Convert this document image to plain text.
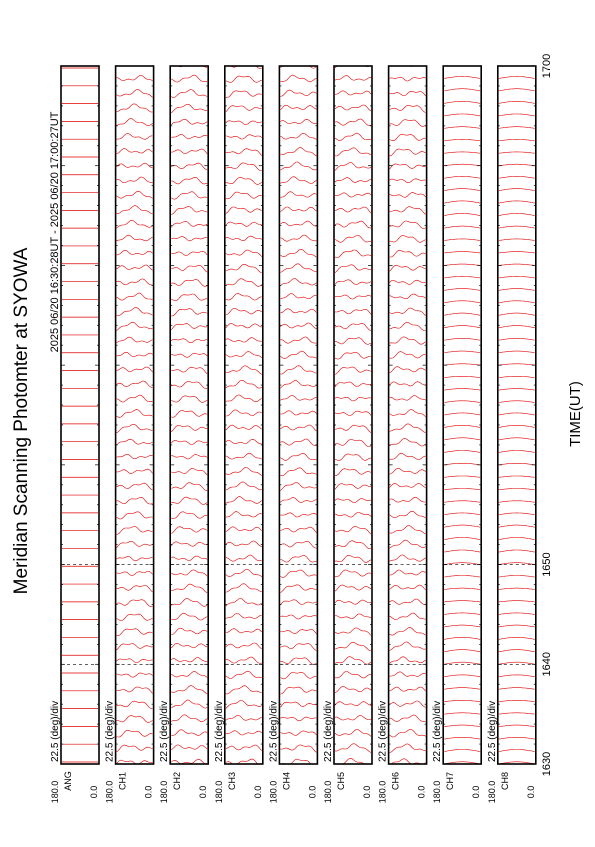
Meridian Scanning Photomter at SYOWA
2025 06/20 16:30:28UT - 2025 06/20 17:00:27UT
TIME(UT)
22.5 (deg)/div
ANG
180.0	0.0
22.5 (deg)/div
CH1
180.0	0.0
22.5 (deg)/div
CH2
180.0	0.0
22.5 (deg)/div
CH3
180.0	0.0
22.5 (deg)/div
CH4
180.0	0.0
22.5 (deg)/div
CH5
180.0	0.0
22.5 (deg)/div
CH6
180.0	0.0
22.5 (deg)/div
CH7
180.0	0.0
22.5 (deg)/div
CH8
180.0	0.0
1630
1640
1650
1700
